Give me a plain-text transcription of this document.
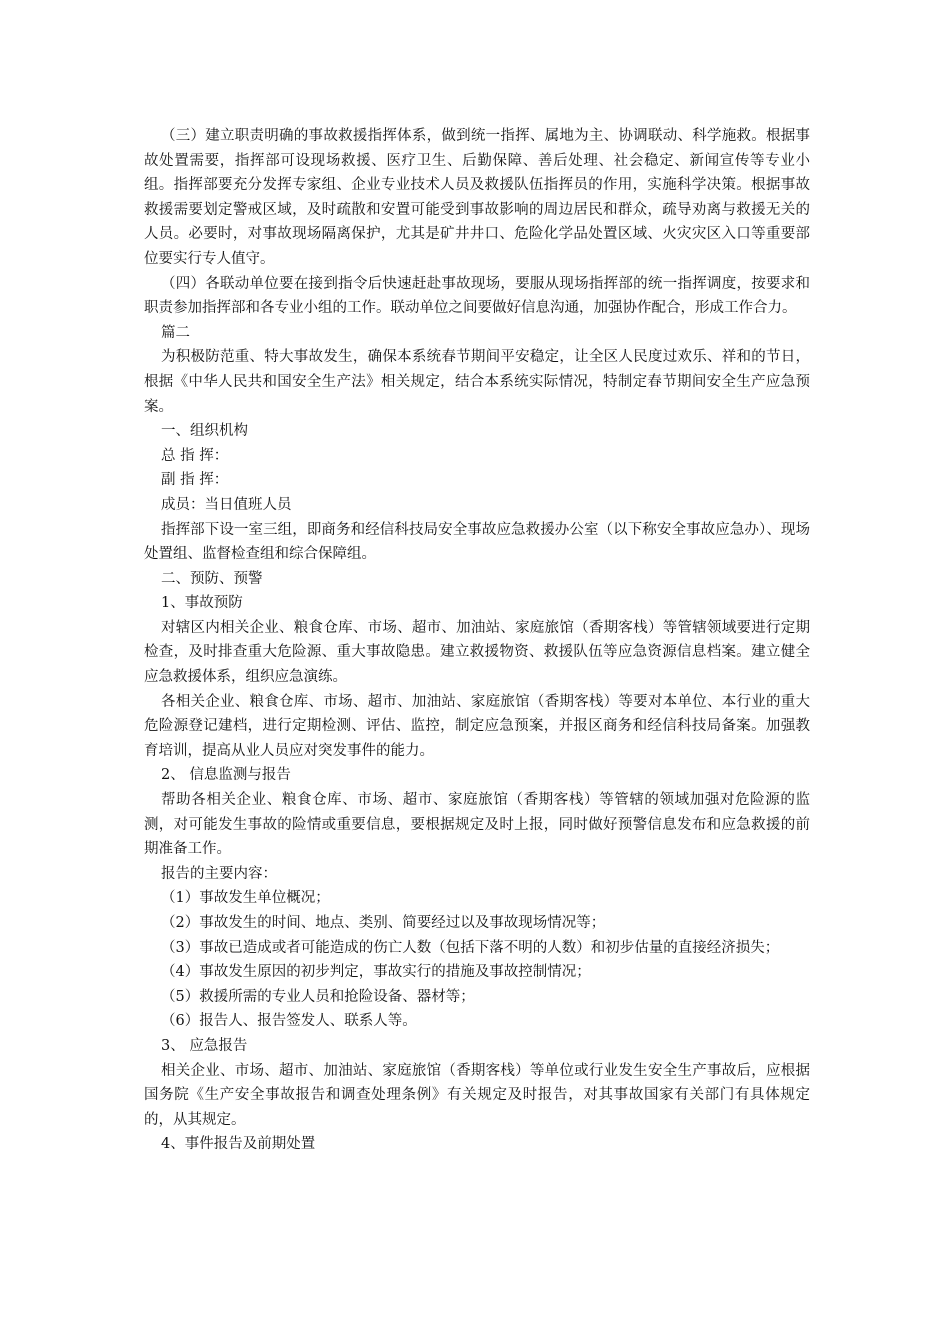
（三）建立职责明确的事故救援指挥体系，做到统一指挥、属地为主、协调联动、科学施救。根据事故处置需要，指挥部可设现场救援、医疗卫生、后勤保障、善后处理、社会稳定、新闻宣传等专业小组。指挥部要充分发挥专家组、企业专业技术人员及救援队伍指挥员的作用，实施科学决策。根据事故救援需要划定警戒区域，及时疏散和安置可能受到事故影响的周边居民和群众，疏导劝离与救援无关的人员。必要时，对事故现场隔离保护，尤其是矿井井口、危险化学品处置区域、火灾灾区入口等重要部位要实行专人值守。

（四）各联动单位要在接到指令后快速赶赴事故现场，要服从现场指挥部的统一指挥调度，按要求和职责参加指挥部和各专业小组的工作。联动单位之间要做好信息沟通，加强协作配合，形成工作合力。

篇二

为积极防范重、特大事故发生，确保本系统春节期间平安稳定，让全区人民度过欢乐、祥和的节日，根据《中华人民共和国安全生产法》相关规定，结合本系统实际情况，特制定春节期间安全生产应急预案。

一、组织机构

总 指 挥：

副 指 挥：

成员：当日值班人员

指挥部下设一室三组，即商务和经信科技局安全事故应急救援办公室（以下称安全事故应急办）、现场处置组、监督检查组和综合保障组。

二、预防、预警

1、事故预防

对辖区内相关企业、粮食仓库、市场、超市、加油站、家庭旅馆（香期客栈）等管辖领域要进行定期检查，及时排查重大危险源、重大事故隐患。建立救援物资、救援队伍等应急资源信息档案。建立健全应急救援体系，组织应急演练。

各相关企业、粮食仓库、市场、超市、加油站、家庭旅馆（香期客栈）等要对本单位、本行业的重大危险源登记建档，进行定期检测、评估、监控，制定应急预案，并报区商务和经信科技局备案。加强教育培训，提高从业人员应对突发事件的能力。

2、 信息监测与报告

帮助各相关企业、粮食仓库、市场、超市、家庭旅馆（香期客栈）等管辖的领域加强对危险源的监测，对可能发生事故的险情或重要信息，要根据规定及时上报，同时做好预警信息发布和应急救援的前期准备工作。

报告的主要内容：

（1）事故发生单位概况；

（2）事故发生的时间、地点、类别、简要经过以及事故现场情况等；

（3）事故已造成或者可能造成的伤亡人数（包括下落不明的人数）和初步估量的直接经济损失；

（4）事故发生原因的初步判定，事故实行的措施及事故控制情况；

（5）救援所需的专业人员和抢险设备、器材等；

（6）报告人、报告签发人、联系人等。

3、 应急报告

相关企业、市场、超市、加油站、家庭旅馆（香期客栈）等单位或行业发生安全生产事故后，应根据国务院《生产安全事故报告和调查处理条例》有关规定及时报告，对其事故国家有关部门有具体规定的，从其规定。

4、事件报告及前期处置
